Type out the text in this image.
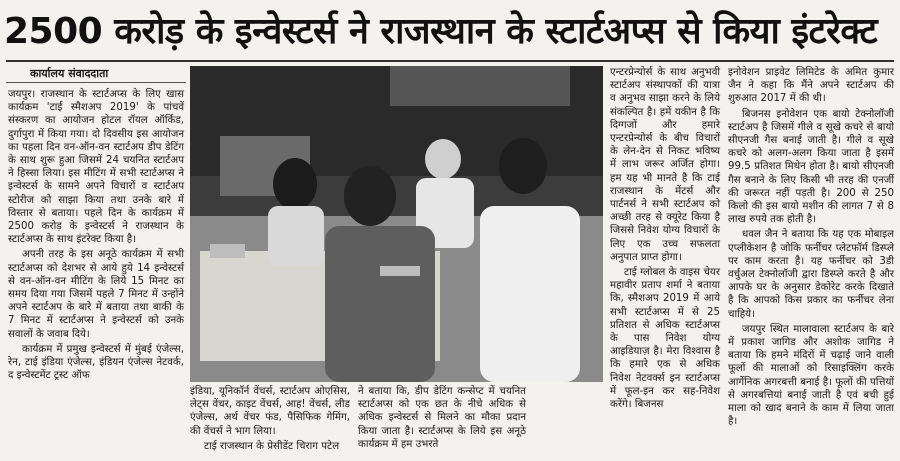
2500 करोड़ के इन्वेस्टर्स ने राजस्थान के स्टार्टअप्स से किया इंटरेक्ट
कार्यालय संवाददाता

जयपुर। राजस्थान के स्टार्टअप्स के लिए खास कार्यक्रम 'टाई स्मैशअप 2019' के पांचवें संस्करण का आयोजन होटल रॉयल ऑर्किड, दुर्गापुरा में किया गया। दो दिवसीय इस आयोजन का पहला दिन वन-ऑन-वन स्टार्टअप डीप डेटिंग के साथ शुरू हुआ जिसमें 24 चयनित स्टार्टअप ने हिस्सा लिया। इस मीटिंग में सभी स्टार्टअप्स ने इन्वेस्टर्स के सामने अपने विचारों व स्टार्टअप स्टोरीज को साझा किया तथा उनके बारे में विस्तार से बताया। पहले दिन के कार्यक्रम में 2500 करोड़ के इन्वेस्टर्स ने राजस्थान के स्टार्टअप्स के साथ इंटरेक्ट किया है।

अपनी तरह के इस अनूठे कार्यक्रम में सभी स्टार्टअप्स को देशभर से आये हुये 14 इन्वेस्टर्स से वन-ऑन-वन मीटिंग के लिये 15 मिनट का समय दिया गया जिसमें पहले 7 मिनट में उन्होंने अपने स्टार्टअप के बारे में बताया तथा बाकी के 7 मिनट में स्टार्टअप्स ने इन्वेस्टर्स को उनके सवालों के जवाब दिये।

कार्यक्रम में प्रमुख इन्वेस्टर्स में मुंबई एंजेल्स, रेन, टाई इंडिया एंजेल्स, इंडियन एंजेल्स नेटवर्क, द इन्वेस्टमेंट ट्रस्ट ऑफ

इंडिया, यूनिकॉर्न वेंचर्स, स्टार्टअप ओएसिस, लेट्स वेंचर, काइट वेंचर्स, आह! वेंचर्स, लीड एंजेल्स, अर्थ वेंचर फंड, पैसिफिक गेमिंग, की वेंचर्स ने भाग लिया।

टाई राजस्थान के प्रेसीडेंट चिराग पटेल

ने बताया कि, डीप डेटिंग कन्सेप्ट में चयनित स्टार्टअप्स को एक छत के नीचे अधिक से अधिक इन्वेस्टर्स से मिलने का मौका प्रदान किया जाता है। स्टार्टअप्स के लिये इस अनूठे कार्यक्रम में हम उभरते

एन्टरप्रेन्योर्स के साथ अनुभवी स्टार्टअप संस्थापकों की यात्रा व अनुभव साझा करने के लिये संकल्पित है। हमें यकीन है कि दिग्गजों और हमारे एन्टरप्रेन्योर्स के बीच विचारों के लेन-देन से निकट भविष्य में लाभ जरूर अर्जित होगा। हम यह भी मानते है कि टाई राजस्थान के मेंटर्स और पार्टनर्स ने सभी स्टार्टअप को अच्छी तरह से क्यूरेट किया है जिससे निवेश योग्य विचारों के लिए एक उच्च सफलता अनुपात प्राप्त होगा।

टाई ग्लोबल के वाइस चेयर महावीर प्रताप शर्मा ने बताया कि, स्मैशअप 2019 में आये सभी स्टार्टअप्स में से 25 प्रतिशत से अधिक स्टार्टअप्स के पास निवेश योग्य आइडियाज़ है। मेरा विश्वास है कि हमारे एक से अधिक निवेश नेटवर्क्स इन स्टार्टअप्स में फूल-इन कर सह-निवेश करेंगे। बिजनस

इनोवेशन प्राइवेट लिमिटेड के अमित कुमार जैन ने कहा कि मैंने अपने स्टार्टअप की शुरुआत 2017 में की थी।

बिजनस इनोवेशन एक बायो टेक्नोलॉजी स्टार्टअप है जिसमें गीले व सूखे कचरे से बायो सीएनजी गैस बनाई जाती है। गीले व सूखे कचरे को अलग-अलग किया जाता है इसमें 99.5 प्रतिशत मिथेन होता है। बायो सीएनजी गैस बनाने के लिए किसी भी तरह की एनर्जी की जरूरत नहीं पड़ती है। 200 से 250 किलो की इस बायो मशीन की लागत 7 से 8 लाख रुपये तक होती है।

धवल जैन ने बताया कि यह एक मोबाइल एप्लीकेशन है जोकि फर्नीचर प्लेटफॉर्म डिस्प्ले पर काम करता है। यह फर्नीचर को 3डी वर्चुअल टेक्नोलॉजी द्वारा डिस्प्ले करते है और आपके घर के अनुसार डेकोरेट करके दिखाते है कि आपको किस प्रकार का फर्नीचर लेना चाहिये।

जयपुर स्थित मालावाला स्टार्टअप के बारे में प्रकाश जागिड और अशोक जागिड ने बताया कि हमने मंदिरों में चढ़ाई जाने वाली फूलों की मालाओं को रिसाइक्लिंग करके आर्गेनिक अगरबत्ती बनाई है। फूलों की पत्तियों से अगरबत्तियां बनाई जाती है एवं बची हुई माला को खाद बनाने के काम में लिया जाता है।
